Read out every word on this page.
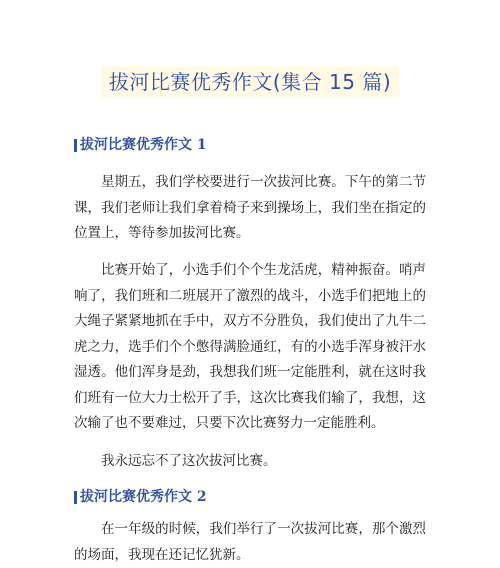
拔河比赛优秀作文(集合 15 篇)
拔河比赛优秀作文 1

星期五，我们学校要进行一次拔河比赛。下午的第二节课，我们老师让我们拿着椅子来到操场上，我们坐在指定的位置上，等待参加拔河比赛。

比赛开始了，小选手们个个生龙活虎，精神振奋。哨声响了，我们班和二班展开了激烈的战斗，小选手们把地上的大绳子紧紧地抓在手中，双方不分胜负，我们使出了九牛二虎之力，选手们个个憋得满脸通红，有的小选手浑身被汗水湿透。他们浑身是劲，我想我们班一定能胜利，就在这时我们班有一位大力士松开了手，这次比赛我们输了，我想，这次输了也不要难过，只要下次比赛努力一定能胜利。

我永远忘不了这次拔河比赛。

拔河比赛优秀作文 2

在一年级的时候，我们举行了一次拔河比赛，那个激烈的场面，我现在还记忆犹新。
